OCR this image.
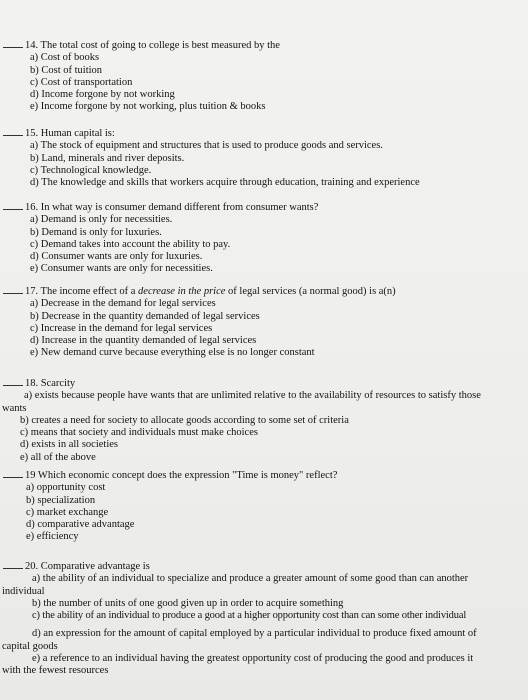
14. The total cost of going to college is best measured by the
a) Cost of books
b) Cost of tuition
c) Cost of transportation
d) Income forgone by not working
e) Income forgone by not working, plus tuition & books
15. Human capital is:
a) The stock of equipment and structures that is used to produce goods and services.
b) Land, minerals and river deposits.
c) Technological knowledge.
d) The knowledge and skills that workers acquire through education, training and experience
16. In what way is consumer demand different from consumer wants?
a) Demand is only for necessities.
b) Demand is only for luxuries.
c) Demand takes into account the ability to pay.
d) Consumer wants are only for luxuries.
e) Consumer wants are only for necessities.
17. The income effect of a decrease in the price of legal services (a normal good) is a(n)
a) Decrease in the demand for legal services
b) Decrease in the quantity demanded of legal services
c) Increase in the demand for legal services
d) Increase in the quantity demanded of legal services
e) New demand curve because everything else is no longer constant
18. Scarcity
a) exists because people have wants that are unlimited relative to the availability of resources to satisfy those
wants
b) creates a need for society to allocate goods according to some set of criteria
c) means that society and individuals must make choices
d) exists in all societies
e) all of the above
19 Which economic concept does the expression "Time is money" reflect?
a) opportunity cost
b) specialization
c) market exchange
d) comparative advantage
e) efficiency
20. Comparative advantage is
a) the ability of an individual to specialize and produce a greater amount of some good than can another
individual
b) the number of units of one good given up in order to acquire something
c) the ability of an individual to produce a good at a higher opportunity cost than can some other individual
d) an expression for the amount of capital employed by a particular individual to produce fixed amount of
capital goods
e) a reference to an individual having the greatest opportunity cost of producing the good and produces it
with the fewest resources
